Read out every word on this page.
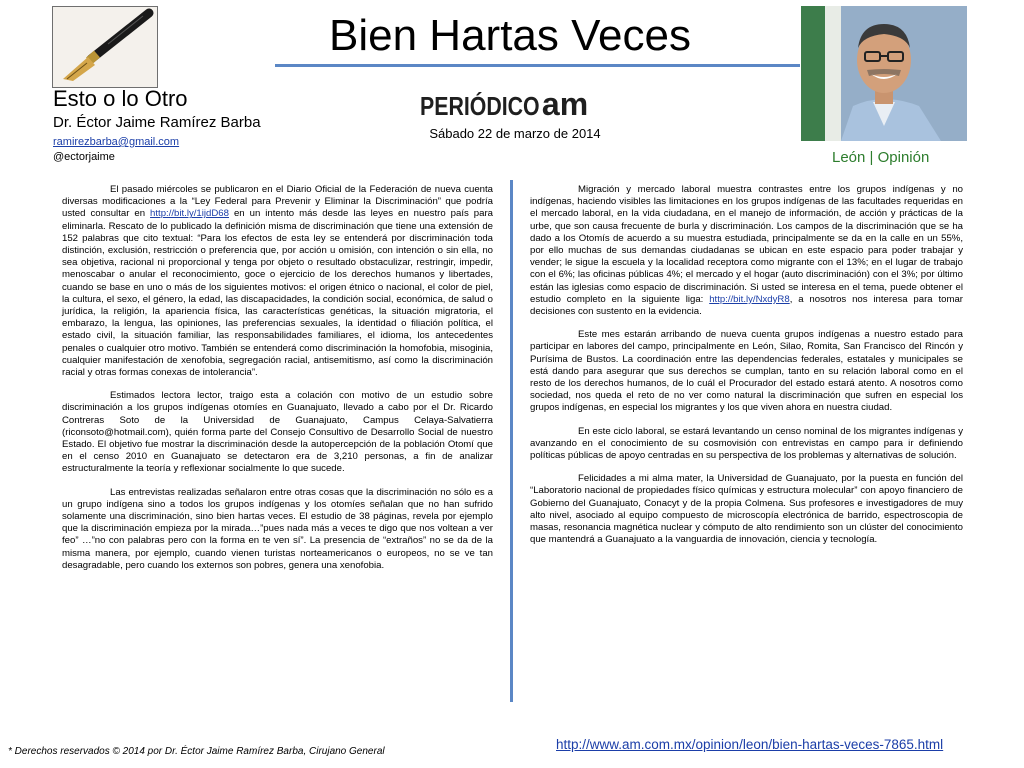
Bien Hartas Veces
Esto o lo Otro
Dr. Éctor Jaime Ramírez Barba
ramirezbarba@gmail.com
@ectorjaime
PERIÓDICO am
Sábado 22 de marzo de 2014
León | Opinión

El pasado miércoles se publicaron en el Diario Oficial de la Federación de nueva cuenta diversas modificaciones a la “Ley Federal para Prevenir y Eliminar la Discriminación” que podría usted consultar en http://bit.ly/1ijdD68 en un intento más desde las leyes en nuestro país para eliminarla. Rescato de lo publicado la definición misma de discriminación que tiene una extensión de 152 palabras que cito textual: “Para los efectos de esta ley se entenderá por discriminación toda distinción, exclusión, restricción o preferencia que, por acción u omisión, con intención o sin ella, no sea objetiva, racional ni proporcional y tenga por objeto o resultado obstaculizar, restringir, impedir, menoscabar o anular el reconocimiento, goce o ejercicio de los derechos humanos y libertades, cuando se base en uno o más de los siguientes motivos: el origen étnico o nacional, el color de piel, la cultura, el sexo, el género, la edad, las discapacidades, la condición social, económica, de salud o jurídica, la religión, la apariencia física, las características genéticas, la situación migratoria, el embarazo, la lengua, las opiniones, las preferencias sexuales, la identidad o filiación política, el estado civil, la situación familiar, las responsabilidades familiares, el idioma, los antecedentes penales o cualquier otro motivo. También se entenderá como discriminación la homofobia, misoginia, cualquier manifestación de xenofobia, segregación racial, antisemitismo, así como la discriminación racial y otras formas conexas de intolerancia”.

Estimados lectora lector, traigo esta a colación con motivo de un estudio sobre discriminación a los grupos indígenas otomíes en Guanajuato, llevado a cabo por el Dr. Ricardo Contreras Soto de la Universidad de Guanajuato, Campus Celaya-Salvatierra (riconsoto@hotmail.com), quién forma parte del Consejo Consultivo de Desarrollo Social de nuestro Estado. El objetivo fue mostrar la discriminación desde la autopercepción de la población Otomí que en el censo 2010 en Guanajuato se detectaron era de 3,210 personas, a fin de analizar estructuralmente la teoría y reflexionar socialmente lo que sucede.

Las entrevistas realizadas señalaron entre otras cosas que la discriminación no sólo es a un grupo indígena sino a todos los grupos indígenas y los otomíes señalan que no han sufrido solamente una discriminación, sino bien hartas veces. El estudio de 38 páginas, revela por ejemplo que la discriminación empieza por la mirada…”pues nada más a veces te digo que nos voltean a ver feo” …”no con palabras pero con la forma en te ven sí”. La presencia de “extraños” no se da de la misma manera, por ejemplo, cuando vienen turistas norteamericanos o europeos, no se ve tan desagradable, pero cuando los externos son pobres, genera una xenofobia.

Migración y mercado laboral muestra contrastes entre los grupos indígenas y no indígenas, haciendo visibles las limitaciones en los grupos indígenas de las facultades requeridas en el mercado laboral, en la vida ciudadana, en el manejo de información, de acción y prácticas de la urbe, que son causa frecuente de burla y discriminación. Los campos de la discriminación que se ha dado a los Otomís de acuerdo a su muestra estudiada, principalmente se da en la calle en un 55%, por ello muchas de sus demandas ciudadanas se ubican en este espacio para poder trabajar y vender; le sigue la escuela y la localidad receptora como migrante con el 13%; en el lugar de trabajo con el 6%; las oficinas públicas 4%; el mercado y el hogar (auto discriminación) con el 3%; por último están las iglesias como espacio de discriminación. Si usted se interesa en el tema, puede obtener el estudio completo en la siguiente liga: http://bit.ly/NxdyR8, a nosotros nos interesa para tomar decisiones con sustento en la evidencia.

Este mes estarán arribando de nueva cuenta grupos indígenas a nuestro estado para participar en labores del campo, principalmente en León, Silao, Romita, San Francisco del Rincón y Purísima de Bustos. La coordinación entre las dependencias federales, estatales y municipales se está dando para asegurar que sus derechos se cumplan, tanto en su relación laboral como en el resto de los derechos humanos, de lo cuál el Procurador del estado estará atento. A nosotros como sociedad, nos queda el reto de no ver como natural la discriminación que sufren en especial los grupos indígenas, en especial los migrantes y los que viven ahora en nuestra ciudad.

En este ciclo laboral, se estará levantando un censo nominal de los migrantes indígenas y avanzando en el conocimiento de su cosmovisión con entrevistas en campo para ir definiendo políticas públicas de apoyo centradas en su perspectiva de los problemas y alternativas de solución.

Felicidades a mi alma mater, la Universidad de Guanajuato, por la puesta en función del “Laboratorio nacional de propiedades físico químicas y estructura molecular” con apoyo financiero de Gobierno del Guanajuato, Conacyt y de la propia Colmena. Sus profesores e investigadores de muy alto nivel, asociado al equipo compuesto de microscopía electrónica de barrido, espectroscopia de masas, resonancia magnética nuclear y cómputo de alto rendimiento son un clúster del conocimiento que mantendrá a Guanajuato a la vanguardia de innovación, ciencia y tecnología.

http://www.am.com.mx/opinion/leon/bien-hartas-veces-7865.html
* Derechos reservados © 2014 por Dr. Éctor Jaime Ramírez Barba, Cirujano General
